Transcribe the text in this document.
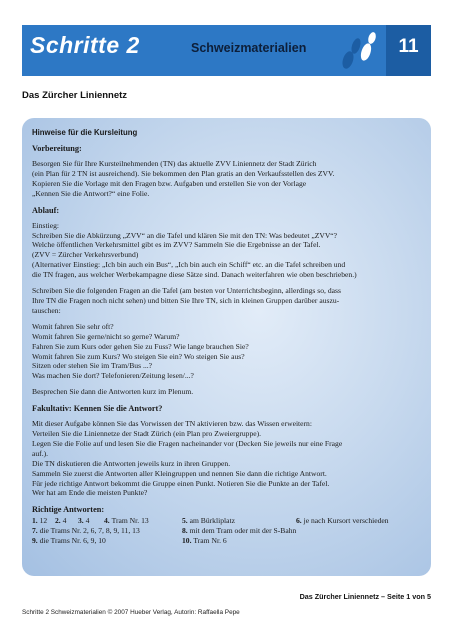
Schritte 2	Schweizmaterialien	11
Das Zürcher Liniennetz
Hinweise für die Kursleitung
Vorbereitung:
Besorgen Sie für Ihre Kursteilnehmenden (TN) das aktuelle ZVV Liniennetz der Stadt Zürich
(ein Plan für 2 TN ist ausreichend). Sie bekommen den Plan gratis an den Verkaufsstellen des ZVV.
Kopieren Sie die Vorlage mit den Fragen bzw. Aufgaben und erstellen Sie von der Vorlage
„Kennen Sie die Antwort?“ eine Folie.
Ablauf:
Einstieg:
Schreiben Sie die Abkürzung „ZVV“ an die Tafel und klären Sie mit den TN: Was bedeutet „ZVV“?
Welche öffentlichen Verkehrsmittel gibt es im ZVV? Sammeln Sie die Ergebnisse an der Tafel.
(ZVV = Zürcher Verkehrsverbund)
(Alternativer Einstieg: „Ich bin auch ein Bus“, „Ich bin auch ein Schiff“ etc. an die Tafel schreiben und
die TN fragen, aus welcher Werbekampagne diese Sätze sind. Danach weiterfahren wie oben beschrieben.)
Schreiben Sie die folgenden Fragen an die Tafel (am besten vor Unterrichtsbeginn, allerdings so, dass
Ihre TN die Fragen noch nicht sehen) und bitten Sie Ihre TN, sich in kleinen Gruppen darüber auszu-
tauschen:
Womit fahren Sie sehr oft?
Womit fahren Sie gerne/nicht so gerne? Warum?
Fahren Sie zum Kurs oder gehen Sie zu Fuss? Wie lange brauchen Sie?
Womit fahren Sie zum Kurs? Wo steigen Sie ein? Wo steigen Sie aus?
Sitzen oder stehen Sie im Tram/Bus ...?
Was machen Sie dort? Telefonieren/Zeitung lesen/...?
Besprechen Sie dann die Antworten kurz im Plenum.
Fakultativ: Kennen Sie die Antwort?
Mit dieser Aufgabe können Sie das Vorwissen der TN aktivieren bzw. das Wissen erweitern:
Verteilen Sie die Liniennetze der Stadt Zürich (ein Plan pro Zweiergruppe).
Legen Sie die Folie auf und lesen Sie die Fragen nacheinander vor (Decken Sie jeweils nur eine Frage
auf.).
Die TN diskutieren die Antworten jeweils kurz in ihren Gruppen.
Sammeln Sie zuerst die Antworten aller Kleingruppen und nennen Sie dann die richtige Antwort.
Für jede richtige Antwort bekommt die Gruppe einen Punkt. Notieren Sie die Punkte an der Tafel.
Wer hat am Ende die meisten Punkte?
Richtige Antworten:
1. 12	2. 4	3. 4	4. Tram Nr. 13	5. am Bürkliplatz	6. je nach Kursort verschieden
7. die Trams Nr. 2, 6, 7, 8, 9, 11, 13	8. mit dem Tram oder mit der S-Bahn
9. die Trams Nr. 6, 9, 10	10. Tram Nr. 6
Das Zürcher Liniennetz – Seite 1 von 5
Schritte 2 Schweizmaterialien © 2007 Hueber Verlag, Autorin: Raffaella Pepe
